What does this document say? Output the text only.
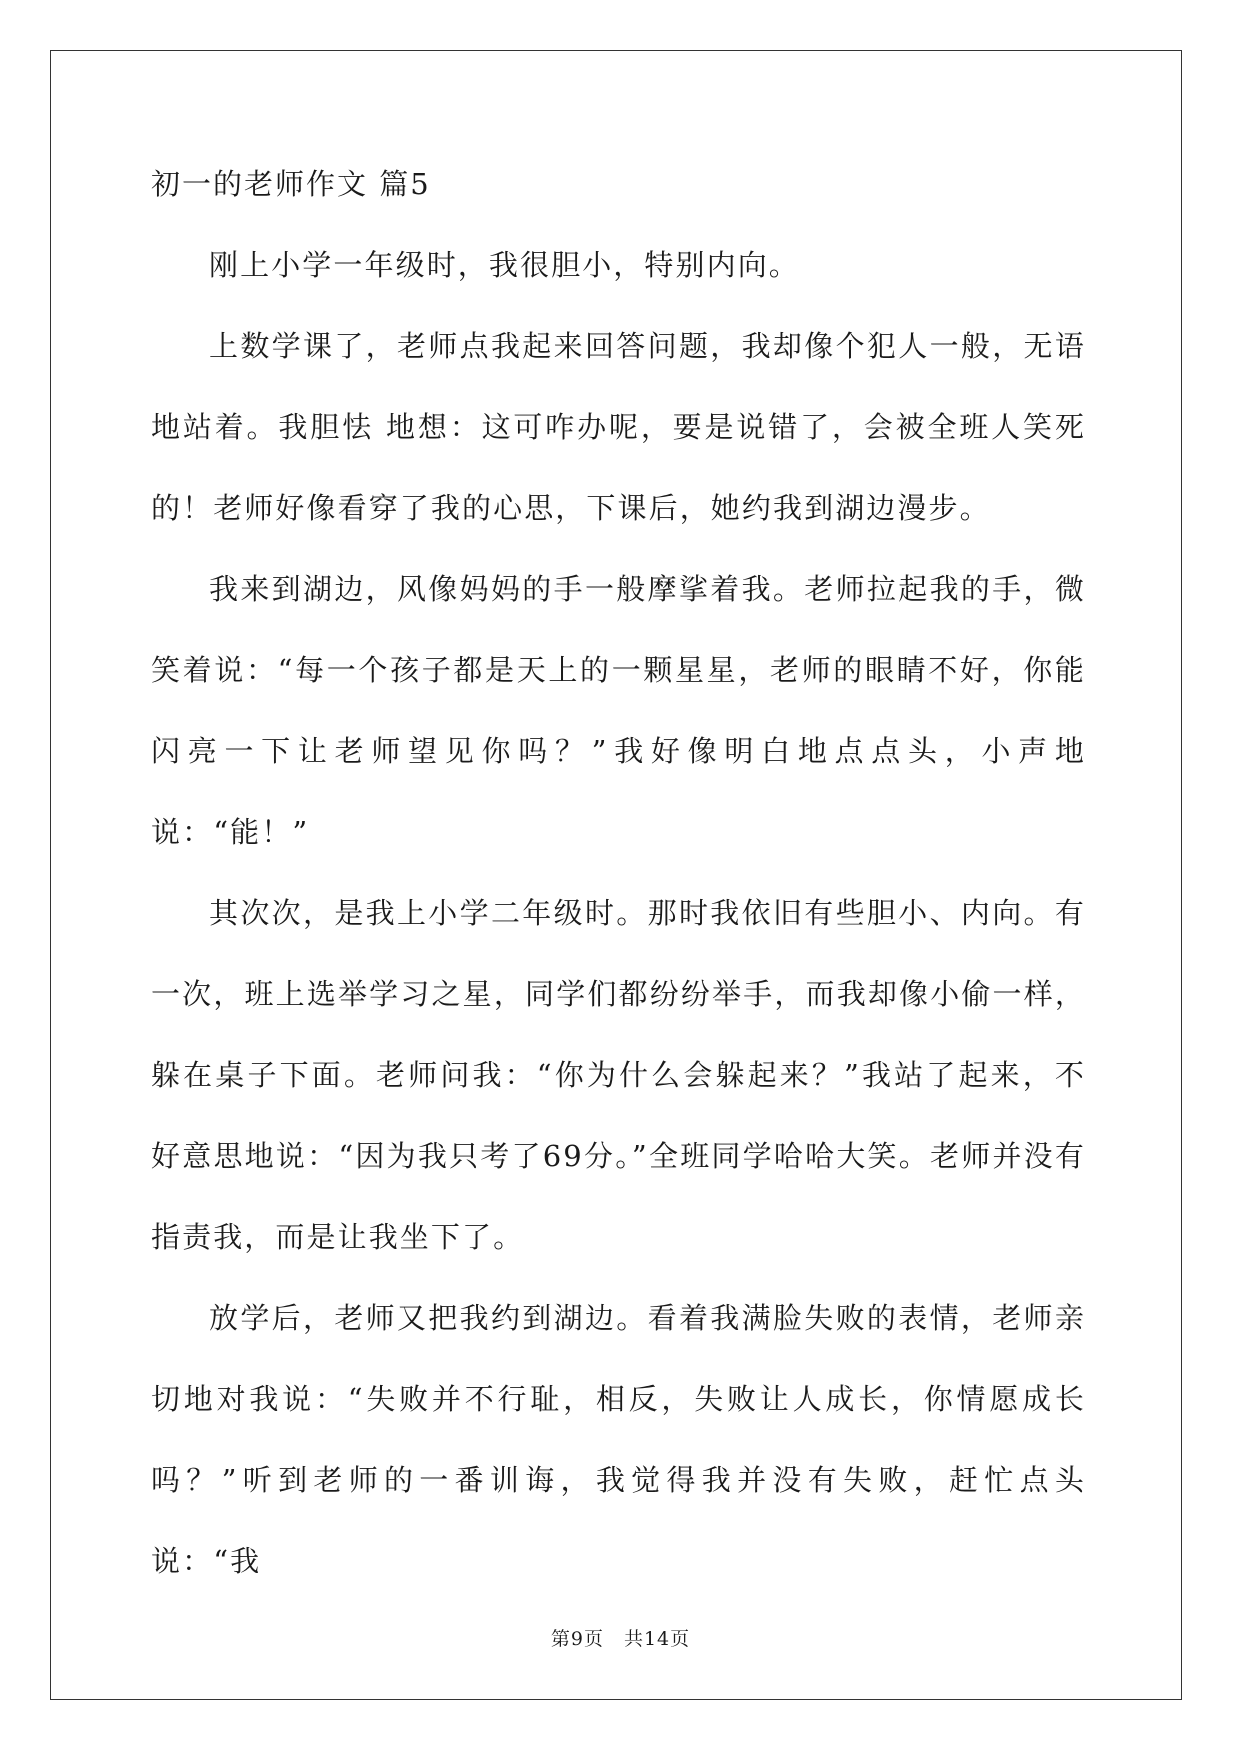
初一的老师作文 篇5

刚上小学一年级时，我很胆小，特别内向。

上数学课了，老师点我起来回答问题，我却像个犯人一般，无语地站着。我胆怯 地想：这可咋办呢，要是说错了，会被全班人笑死的！老师好像看穿了我的心思，下课后，她约我到湖边漫步。

我来到湖边，风像妈妈的手一般摩挲着我。老师拉起我的手，微笑着说：“每一个孩子都是天上的一颗星星，老师的眼睛不好，你能闪亮一下让老师望见你吗？”我好像明白地点点头，小声地说：“能！”

其次次，是我上小学二年级时。那时我依旧有些胆小、内向。有一次，班上选举学习之星，同学们都纷纷举手，而我却像小偷一样，躲在桌子下面。老师问我：“你为什么会躲起来？”我站了起来，不好意思地说：“因为我只考了69分。”全班同学哈哈大笑。老师并没有指责我，而是让我坐下了。

放学后，老师又把我约到湖边。看着我满脸失败的表情，老师亲切地对我说：“失败并不行耻，相反，失败让人成长，你情愿成长吗？”听到老师的一番训诲，我觉得我并没有失败，赶忙点头说：“我

第9页　共14页
